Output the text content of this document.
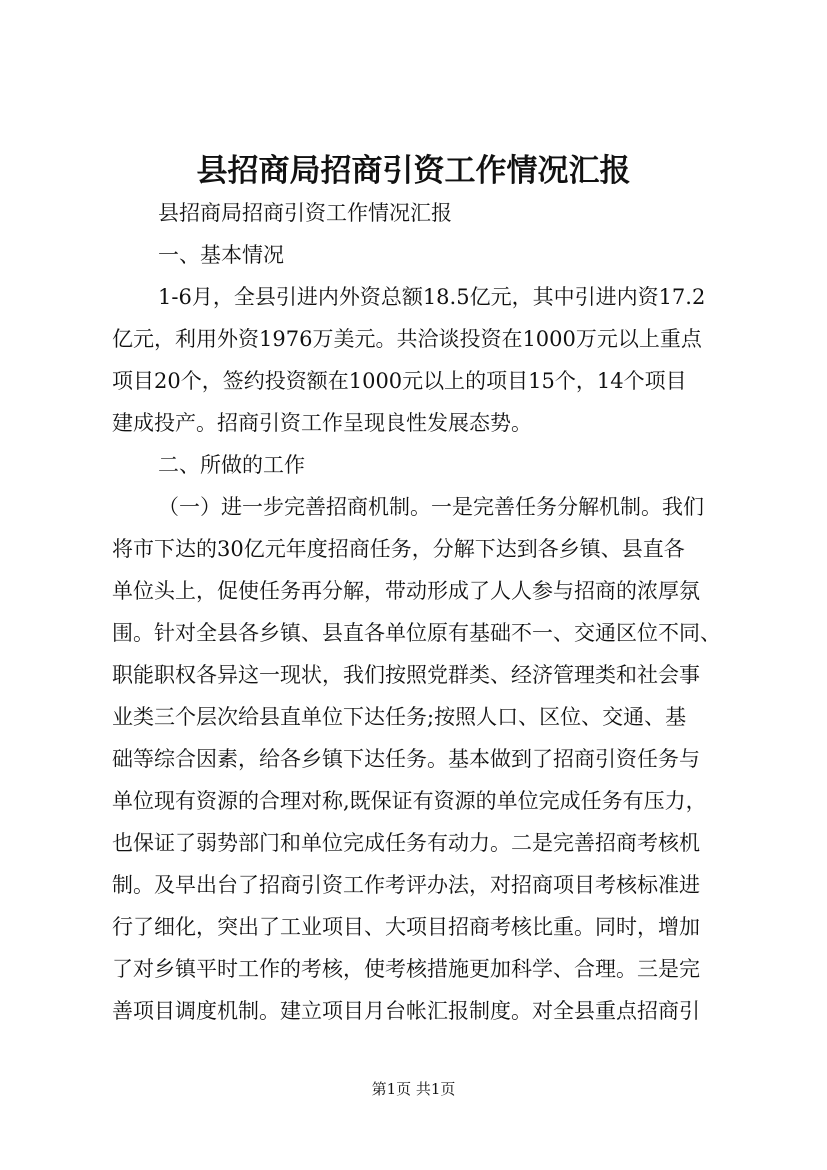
县招商局招商引资工作情况汇报
县招商局招商引资工作情况汇报
一、基本情况
1-6月，全县引进内外资总额18.5亿元，其中引进内资17.2
亿元，利用外资1976万美元。共洽谈投资在1000万元以上重点
项目20个，签约投资额在1000元以上的项目15个，14个项目
建成投产。招商引资工作呈现良性发展态势。
二、所做的工作
（一）进一步完善招商机制。一是完善任务分解机制。我们
将市下达的30亿元年度招商任务，分解下达到各乡镇、县直各
单位头上，促使任务再分解，带动形成了人人参与招商的浓厚氛
围。针对全县各乡镇、县直各单位原有基础不一、交通区位不同、
职能职权各异这一现状，我们按照党群类、经济管理类和社会事
业类三个层次给县直单位下达任务;按照人口、区位、交通、基
础等综合因素，给各乡镇下达任务。基本做到了招商引资任务与
单位现有资源的合理对称,既保证有资源的单位完成任务有压力，
也保证了弱势部门和单位完成任务有动力。二是完善招商考核机
制。及早出台了招商引资工作考评办法，对招商项目考核标准进
行了细化，突出了工业项目、大项目招商考核比重。同时，增加
了对乡镇平时工作的考核，使考核措施更加科学、合理。三是完
善项目调度机制。建立项目月台帐汇报制度。对全县重点招商引
第1页 共1页
